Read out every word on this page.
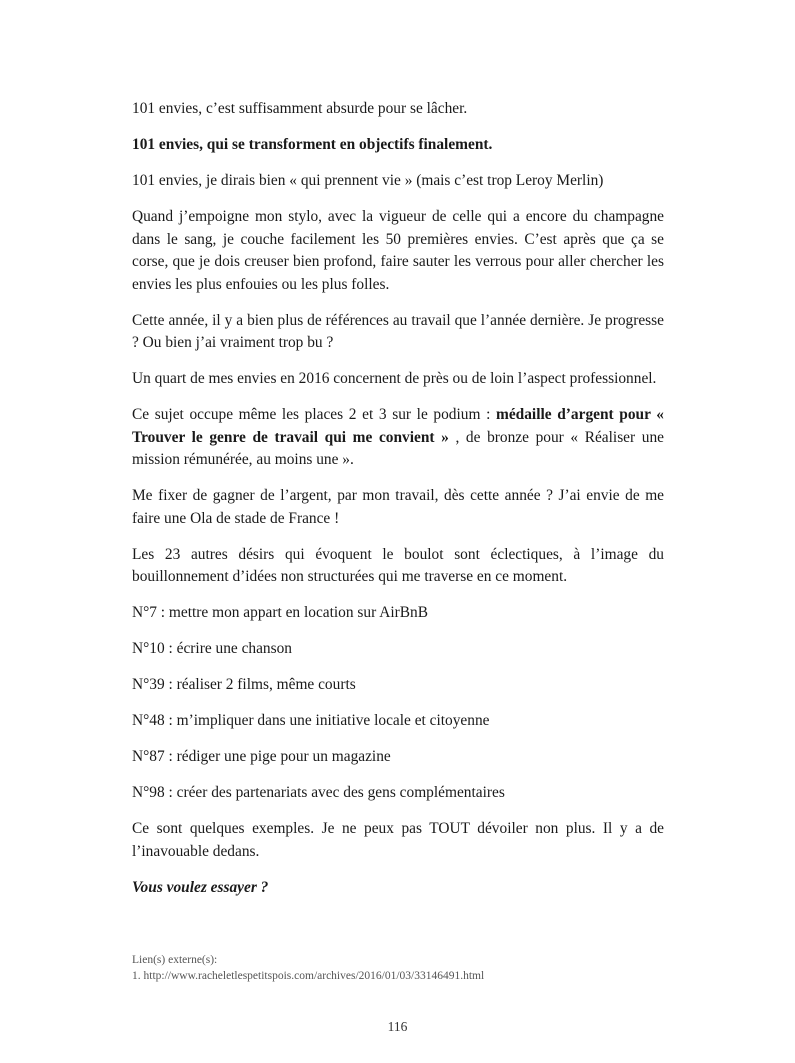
101 envies, c’est suffisamment absurde pour se lâcher.

101 envies, qui se transforment en objectifs finalement.

101 envies, je dirais bien « qui prennent vie » (mais c’est trop Leroy Merlin)

Quand j’empoigne mon stylo, avec la vigueur de celle qui a encore du champagne dans le sang, je couche facilement les 50 premières envies. C’est après que ça se corse, que je dois creuser bien profond, faire sauter les verrous pour aller chercher les envies les plus enfouies ou les plus folles.

Cette année, il y a bien plus de références au travail que l’année dernière. Je progresse ? Ou bien j’ai vraiment trop bu ?

Un quart de mes envies en 2016 concernent de près ou de loin l’aspect professionnel.

Ce sujet occupe même les places 2 et 3 sur le podium : médaille d’argent pour « Trouver le genre de travail qui me convient » , de bronze pour « Réaliser une mission rémunérée, au moins une ».

Me fixer de gagner de l’argent, par mon travail, dès cette année ? J’ai envie de me faire une Ola de stade de France !

Les 23 autres désirs qui évoquent le boulot sont éclectiques, à l’image du bouillonnement d’idées non structurées qui me traverse en ce moment.

N°7 : mettre mon appart en location sur AirBnB

N°10 : écrire une chanson

N°39 : réaliser 2 films, même courts

N°48 : m’impliquer dans une initiative locale et citoyenne

N°87 : rédiger une pige pour un magazine

N°98 : créer des partenariats avec des gens complémentaires

Ce sont quelques exemples. Je ne peux pas TOUT dévoiler non plus. Il y a de l’inavouable dedans.

Vous voulez essayer ?

Lien(s) externe(s):
1. http://www.racheletlespetitspois.com/archives/2016/01/03/33146491.html
116
